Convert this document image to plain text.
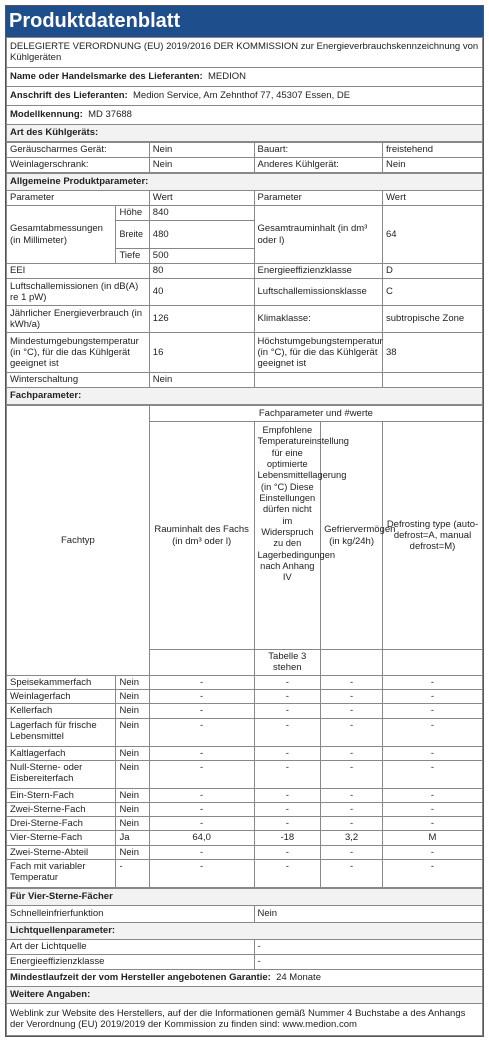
Produktdatenblatt
DELEGIERTE VERORDNUNG (EU) 2019/2016 DER KOMMISSION zur Energieverbrauchskennzeichnung von Kühlgeräten
Name oder Handelsmarke des Lieferanten: MEDION
Anschrift des Lieferanten: Medion Service, Am Zehnthof 77, 45307 Essen, DE
Modellkennung: MD 37688
Art des Kühlgeräts:
Geräuscharmes Gerät:	Nein	Bauart:	freistehend
Weinlagerschrank:	Nein	Anderes Kühlgerät:	Nein
Allgemeine Produktparameter:				
Parameter		Wert	Parameter	Wert
Gesamtabmessungen (in Millimeter)	Höhe	840	Gesamtrauminhalt (in dm³ oder l)	64
	Breite	480		
	Tiefe	500		
EEI		80	Energieeffizienzklasse	D
Luftschallemissionen (in dB(A) re 1 pW)		40	Luftschallemissionsklasse	C
Jährlicher Energieverbrauch (in kWh/a)		126	Klimaklasse:	subtropische Zone
Mindestumgebungstemperatur (in °C), für die das Kühlgerät geeignet ist		16	Höchstumgebungstemperatur (in °C), für die das Kühlgerät geeignet ist	38
Winterschaltung		Nein		
Fachparameter:				
Fachtyp		Fachparameter und #werte			
		Rauminhalt des Fachs (in dm³ oder l)	Empfohlene Temperatureinstellung für eine optimierte Lebensmittellagerung (in °C) Diese Einstellungen dürfen nicht im Widerspruch zu den Lagerbedingungen nach Anhang IV	Gefriervermögen (in kg/24h)	Defrosting type (auto-defrost=A, manual defrost=M)
			Tabelle 3 stehen		
Speisekammerfach	Nein	-	-	-	-
Weinlagerfach	Nein	-	-	-	-
Kellerfach	Nein	-	-	-	-
Lagerfach für frische Lebensmittel	Nein	-	-	-	-
Kaltlagerfach	Nein	-	-	-	-
Null-Sterne- oder Eisbereiterfach	Nein	-	-	-	-
Ein-Stern-Fach	Nein	-	-	-	-
Zwei-Sterne-Fach	Nein	-	-	-	-
Drei-Sterne-Fach	Nein	-	-	-	-
Vier-Sterne-Fach	Ja	64,0	-18	3,2	M
Zwei-Sterne-Abteil	Nein	-	-	-	-
Fach mit variabler Temperatur	-	-	-	-	-
Für Vier-Sterne-Fächer	
Schnelleinfrierfunktion	Nein
Lichtquellenparameter:	
Art der Lichtquelle	-
Energieeffizienzklasse	-
Mindestlaufzeit der vom Hersteller angebotenen Garantie: 24 Monate	
Weitere Angaben:	
Weblink zur Website des Herstellers, auf der die Informationen gemäß Nummer 4 Buchstabe a des Anhangs der Verordnung (EU) 2019/2019 der Kommission zu finden sind: www.medion.com	
